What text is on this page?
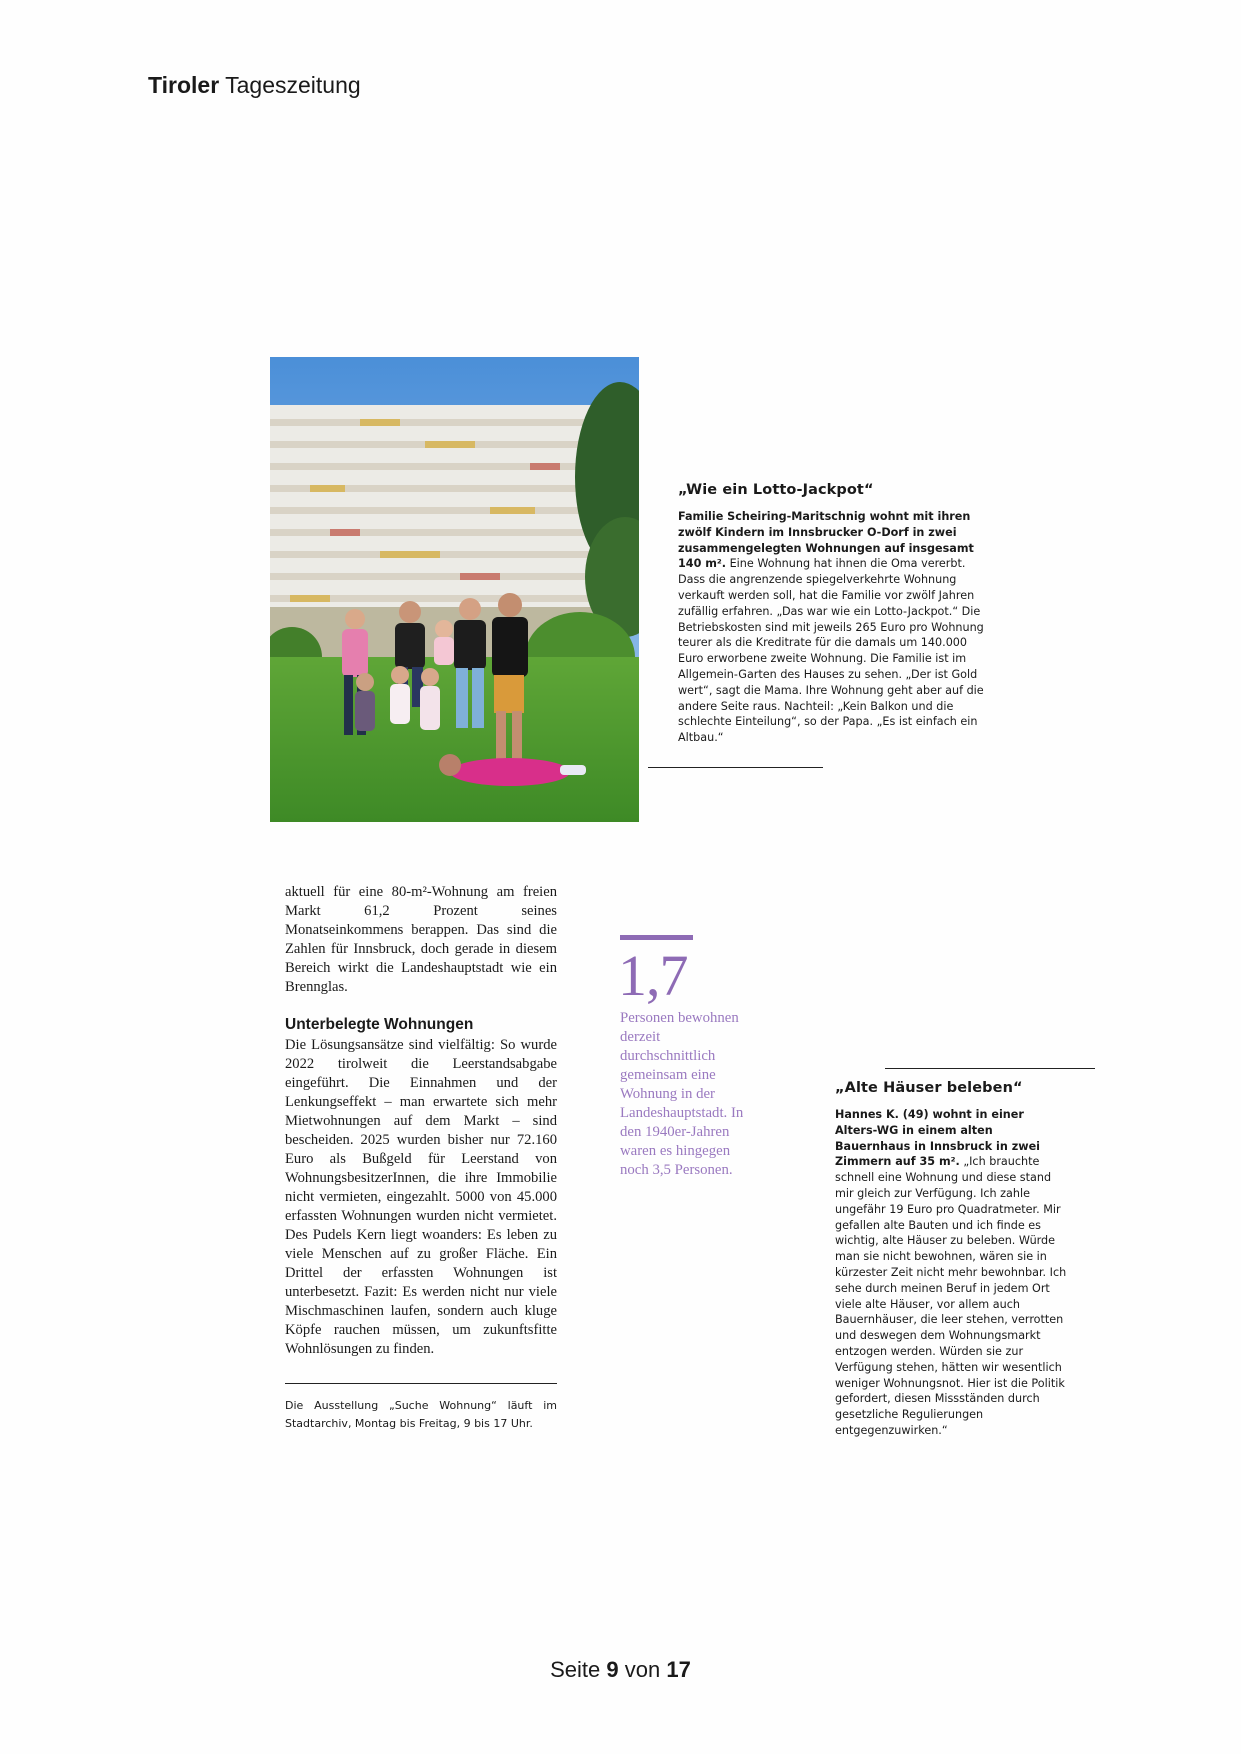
Tiroler Tageszeitung
„Wie ein Lotto-Jackpot“

Familie Scheiring-Maritschnig wohnt mit ihren zwölf Kindern im Innsbrucker O-Dorf in zwei zusammengelegten Wohnungen auf insgesamt 140 m². Eine Wohnung hat ihnen die Oma vererbt. Dass die angrenzende spiegelverkehrte Wohnung verkauft werden soll, hat die Familie vor zwölf Jahren zufällig erfahren. „Das war wie ein Lotto-Jackpot.“ Die Betriebskosten sind mit jeweils 265 Euro pro Wohnung teurer als die Kreditrate für die damals um 140.000 Euro erworbene zweite Wohnung. Die Familie ist im Allgemein-Garten des Hauses zu sehen. „Der ist Gold wert“, sagt die Mama. Ihre Wohnung geht aber auf die andere Seite raus. Nachteil: „Kein Balkon und die schlechte Einteilung“, so der Papa. „Es ist einfach ein Altbau.“

aktuell für eine 80-m²-Wohnung am freien Markt 61,2 Prozent seines Monatseinkommens berappen. Das sind die Zahlen für Innsbruck, doch gerade in diesem Bereich wirkt die Landeshauptstadt wie ein Brennglas.

Unterbelegte Wohnungen

Die Lösungsansätze sind vielfältig: So wurde 2022 tirolweit die Leerstandsabgabe eingeführt. Die Einnahmen und der Lenkungseffekt – man erwartete sich mehr Mietwohnungen auf dem Markt – sind bescheiden. 2025 wurden bisher nur 72.160 Euro als Bußgeld für Leerstand von WohnungsbesitzerInnen, die ihre Immobilie nicht vermieten, eingezahlt. 5000 von 45.000 erfassten Wohnungen wurden nicht vermietet. Des Pudels Kern liegt woanders: Es leben zu viele Menschen auf zu großer Fläche. Ein Drittel der erfassten Wohnungen ist unterbesetzt. Fazit: Es werden nicht nur viele Mischmaschinen laufen, sondern auch kluge Köpfe rauchen müssen, um zukunftsfitte Wohnlösungen zu finden.

Die Ausstellung „Suche Wohnung“ läuft im Stadtarchiv, Montag bis Freitag, 9 bis 17 Uhr.
1,7
Personen bewohnen derzeit durchschnittlich gemeinsam eine Wohnung in der Landeshauptstadt. In den 1940er-Jahren waren es hingegen noch 3,5 Personen.
„Alte Häuser beleben“

Hannes K. (49) wohnt in einer Alters-WG in einem alten Bauernhaus in Innsbruck in zwei Zimmern auf 35 m². „Ich brauchte schnell eine Wohnung und diese stand mir gleich zur Verfügung. Ich zahle ungefähr 19 Euro pro Quadratmeter. Mir gefallen alte Bauten und ich finde es wichtig, alte Häuser zu beleben. Würde man sie nicht bewohnen, wären sie in kürzester Zeit nicht mehr bewohnbar. Ich sehe durch meinen Beruf in jedem Ort viele alte Häuser, vor allem auch Bauernhäuser, die leer stehen, verrotten und deswegen dem Wohnungsmarkt entzogen werden. Würden sie zur Verfügung stehen, hätten wir wesentlich weniger Wohnungsnot. Hier ist die Politik gefordert, diesen Missständen durch gesetzliche Regulierungen entgegenzuwirken.“

Seite 9 von 17
